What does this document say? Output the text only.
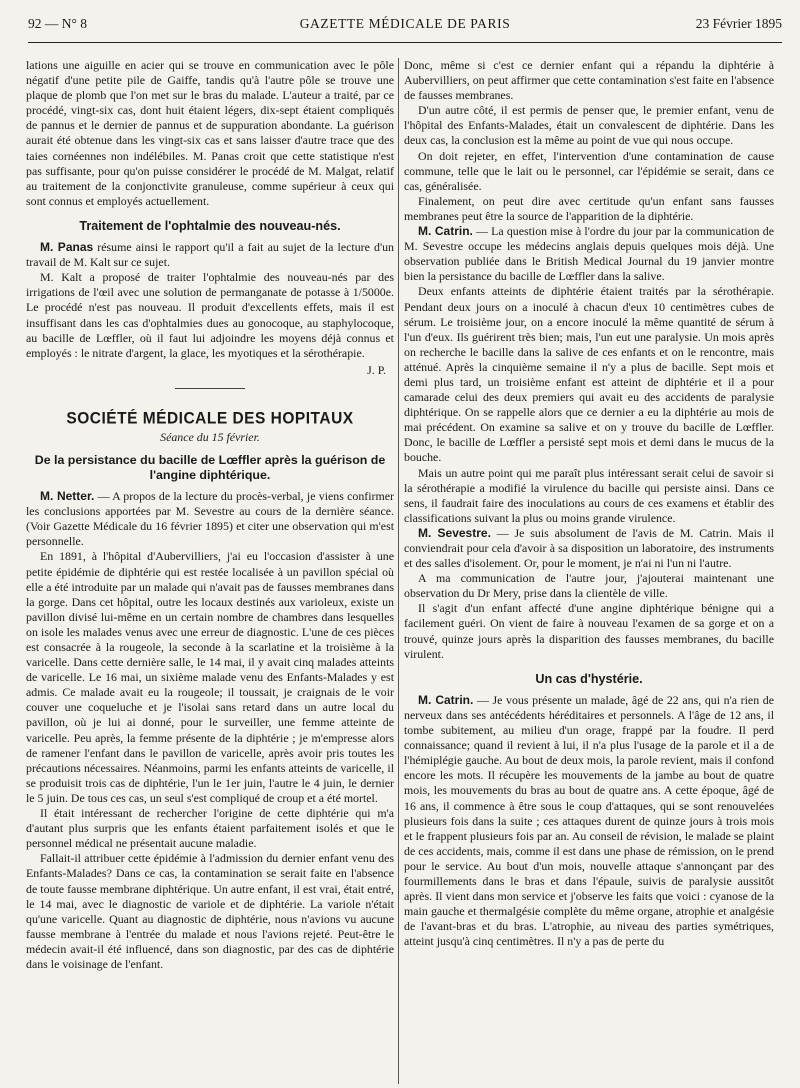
92 — N° 8	GAZETTE MÉDICALE DE PARIS	23 Février 1895

lations une aiguille en acier qui se trouve en communication avec le pôle négatif d'une petite pile de Gaiffe, tandis qu'à l'autre pôle se trouve une plaque de plomb que l'on met sur le bras du malade. L'auteur a traité, par ce procédé, vingt-six cas, dont huit étaient légers, dix-sept étaient compliqués de pannus et le dernier de pannus et de suppuration abondante. La guérison aurait été obtenue dans les vingt-six cas et sans laisser d'autre trace que des taies cornéennes non indélébiles. M. Panas croit que cette statistique n'est pas suffisante, pour qu'on puisse considérer le procédé de M. Malgat, relatif au traitement de la conjonctivite granuleuse, comme supérieur à ceux qui sont connus et employés actuellement.

Traitement de l'ophtalmie des nouveau-nés.

M. Panas résume ainsi le rapport qu'il a fait au sujet de la lecture d'un travail de M. Kalt sur ce sujet.

M. Kalt a proposé de traiter l'ophtalmie des nouveau-nés par des irrigations de l'œil avec une solution de permanganate de potasse à 1/5000e. Le procédé n'est pas nouveau. Il produit d'excellents effets, mais il est insuffisant dans les cas d'ophtalmies dues au gonocoque, au staphylocoque, au bacille de Lœffler, où il faut lui adjoindre les moyens déjà connus et employés : le nitrate d'argent, la glace, les myotiques et la sérothérapie.

J. P.
SOCIÉTÉ MÉDICALE DES HOPITAUX
Séance du 15 février.
De la persistance du bacille de Lœffler après la guérison de l'angine diphtérique.

M. Netter. — A propos de la lecture du procès-verbal, je viens confirmer les conclusions apportées par M. Sevestre au cours de la dernière séance. (Voir Gazette Médicale du 16 février 1895) et citer une observation qui m'est personnelle.

En 1891, à l'hôpital d'Aubervilliers, j'ai eu l'occasion d'assister à une petite épidémie de diphtérie qui est restée localisée à un pavillon spécial où elle a été introduite par un malade qui n'avait pas de fausses membranes dans la gorge. Dans cet hôpital, outre les locaux destinés aux varioleux, existe un pavillon divisé lui-même en un certain nombre de chambres dans lesquelles on isole les malades venus avec une erreur de diagnostic. L'une de ces pièces est consacrée à la rougeole, la seconde à la scarlatine et la troisième à la varicelle. Dans cette dernière salle, le 14 mai, il y avait cinq malades atteints de varicelle. Le 16 mai, un sixième malade venu des Enfants-Malades y est admis. Ce malade avait eu la rougeole; il toussait, je craignais de le voir couver une coqueluche et je l'isolai sans retard dans un autre local du pavillon, où je lui ai donné, pour le surveiller, une femme atteinte de varicelle. Peu après, la femme présente de la diphtérie ; je m'empresse alors de ramener l'enfant dans le pavillon de varicelle, après avoir pris toutes les précautions nécessaires. Néanmoins, parmi les enfants atteints de varicelle, il se produisit trois cas de diphtérie, l'un le 1er juin, l'autre le 4 juin, le dernier le 5 juin. De tous ces cas, un seul s'est compliqué de croup et a été mortel.

Il était intéressant de rechercher l'origine de cette diphtérie qui m'a d'autant plus surpris que les enfants étaient parfaitement isolés et que le personnel médical ne présentait aucune maladie.

Fallait-il attribuer cette épidémie à l'admission du dernier enfant venu des Enfants-Malades? Dans ce cas, la contamination se serait faite en l'absence de toute fausse membrane diphtérique. Un autre enfant, il est vrai, était entré, le 14 mai, avec le diagnostic de variole et de diphtérie. La variole n'était qu'une varicelle. Quant au diagnostic de diphtérie, nous n'avions vu aucune fausse membrane à l'entrée du malade et nous l'avions rejeté. Peut-être le médecin avait-il été influencé, dans son diagnostic, par des cas de diphtérie dans le voisinage de l'enfant.

Donc, même si c'est ce dernier enfant qui a répandu la diphtérie à Aubervilliers, on peut affirmer que cette contamination s'est faite en l'absence de fausses membranes.

D'un autre côté, il est permis de penser que, le premier enfant, venu de l'hôpital des Enfants-Malades, était un convalescent de diphtérie. Dans les deux cas, la conclusion est la même au point de vue qui nous occupe.

On doit rejeter, en effet, l'intervention d'une contamination de cause commune, telle que le lait ou le personnel, car l'épidémie se serait, dans ce cas, généralisée.

Finalement, on peut dire avec certitude qu'un enfant sans fausses membranes peut être la source de l'apparition de la diphtérie.

M. Catrin. — La question mise à l'ordre du jour par la communication de M. Sevestre occupe les médecins anglais depuis quelques mois déjà. Une observation publiée dans le British Medical Journal du 19 janvier montre bien la persistance du bacille de Lœffler dans la salive.

Deux enfants atteints de diphtérie étaient traités par la sérothérapie. Pendant deux jours on a inoculé à chacun d'eux 10 centimètres cubes de sérum. Le troisième jour, on a encore inoculé la même quantité de sérum à l'un d'eux. Ils guérirent très bien; mais, l'un eut une paralysie. Un mois après on recherche le bacille dans la salive de ces enfants et on le rencontre, mais atténué. Après la cinquième semaine il n'y a plus de bacille. Sept mois et demi plus tard, un troisième enfant est atteint de diphtérie et il a pour camarade celui des deux premiers qui avait eu des accidents de paralysie diphtérique. On se rappelle alors que ce dernier a eu la diphtérie au mois de mai précédent. On examine sa salive et on y trouve du bacille de Lœffler. Donc, le bacille de Lœffler a persisté sept mois et demi dans le mucus de la bouche.

Mais un autre point qui me paraît plus intéressant serait celui de savoir si la sérothérapie a modifié la virulence du bacille qui persiste ainsi. Dans ce sens, il faudrait faire des inoculations au cours de ces examens et établir des classifications suivant la plus ou moins grande virulence.

M. Sevestre. — Je suis absolument de l'avis de M. Catrin. Mais il conviendrait pour cela d'avoir à sa disposition un laboratoire, des instruments et des salles d'isolement. Or, pour le moment, je n'ai ni l'un ni l'autre.

A ma communication de l'autre jour, j'ajouterai maintenant une observation du Dr Mery, prise dans la clientèle de ville.

Il s'agit d'un enfant affecté d'une angine diphtérique bénigne qui a facilement guéri. On vient de faire à nouveau l'examen de sa gorge et on a trouvé, quinze jours après la disparition des fausses membranes, du bacille virulent.

Un cas d'hystérie.

M. Catrin. — Je vous présente un malade, âgé de 22 ans, qui n'a rien de nerveux dans ses antécédents héréditaires et personnels. A l'âge de 12 ans, il tombe subitement, au milieu d'un orage, frappé par la foudre. Il perd connaissance; quand il revient à lui, il n'a plus l'usage de la parole et il a de l'hémiplégie gauche. Au bout de deux mois, la parole revient, mais il confond encore les mots. Il récupère les mouvements de la jambe au bout de quatre mois, les mouvements du bras au bout de quatre ans. A cette époque, âgé de 16 ans, il commence à être sous le coup d'attaques, qui se sont renouvelées plusieurs fois dans la suite ; ces attaques durent de quinze jours à trois mois et le frappent plusieurs fois par an. Au conseil de révision, le malade se plaint de ces accidents, mais, comme il est dans une phase de rémission, on le prend pour le service. Au bout d'un mois, nouvelle attaque s'annonçant par des fourmillements dans le bras et dans l'épaule, suivis de paralysie aussitôt après. Il vient dans mon service et j'observe les faits que voici : cyanose de la main gauche et thermalgésie complète du même organe, atrophie et analgésie de l'avant-bras et du bras. L'atrophie, au niveau des parties symétriques, atteint jusqu'à cinq centimètres. Il n'y a pas de perte du
